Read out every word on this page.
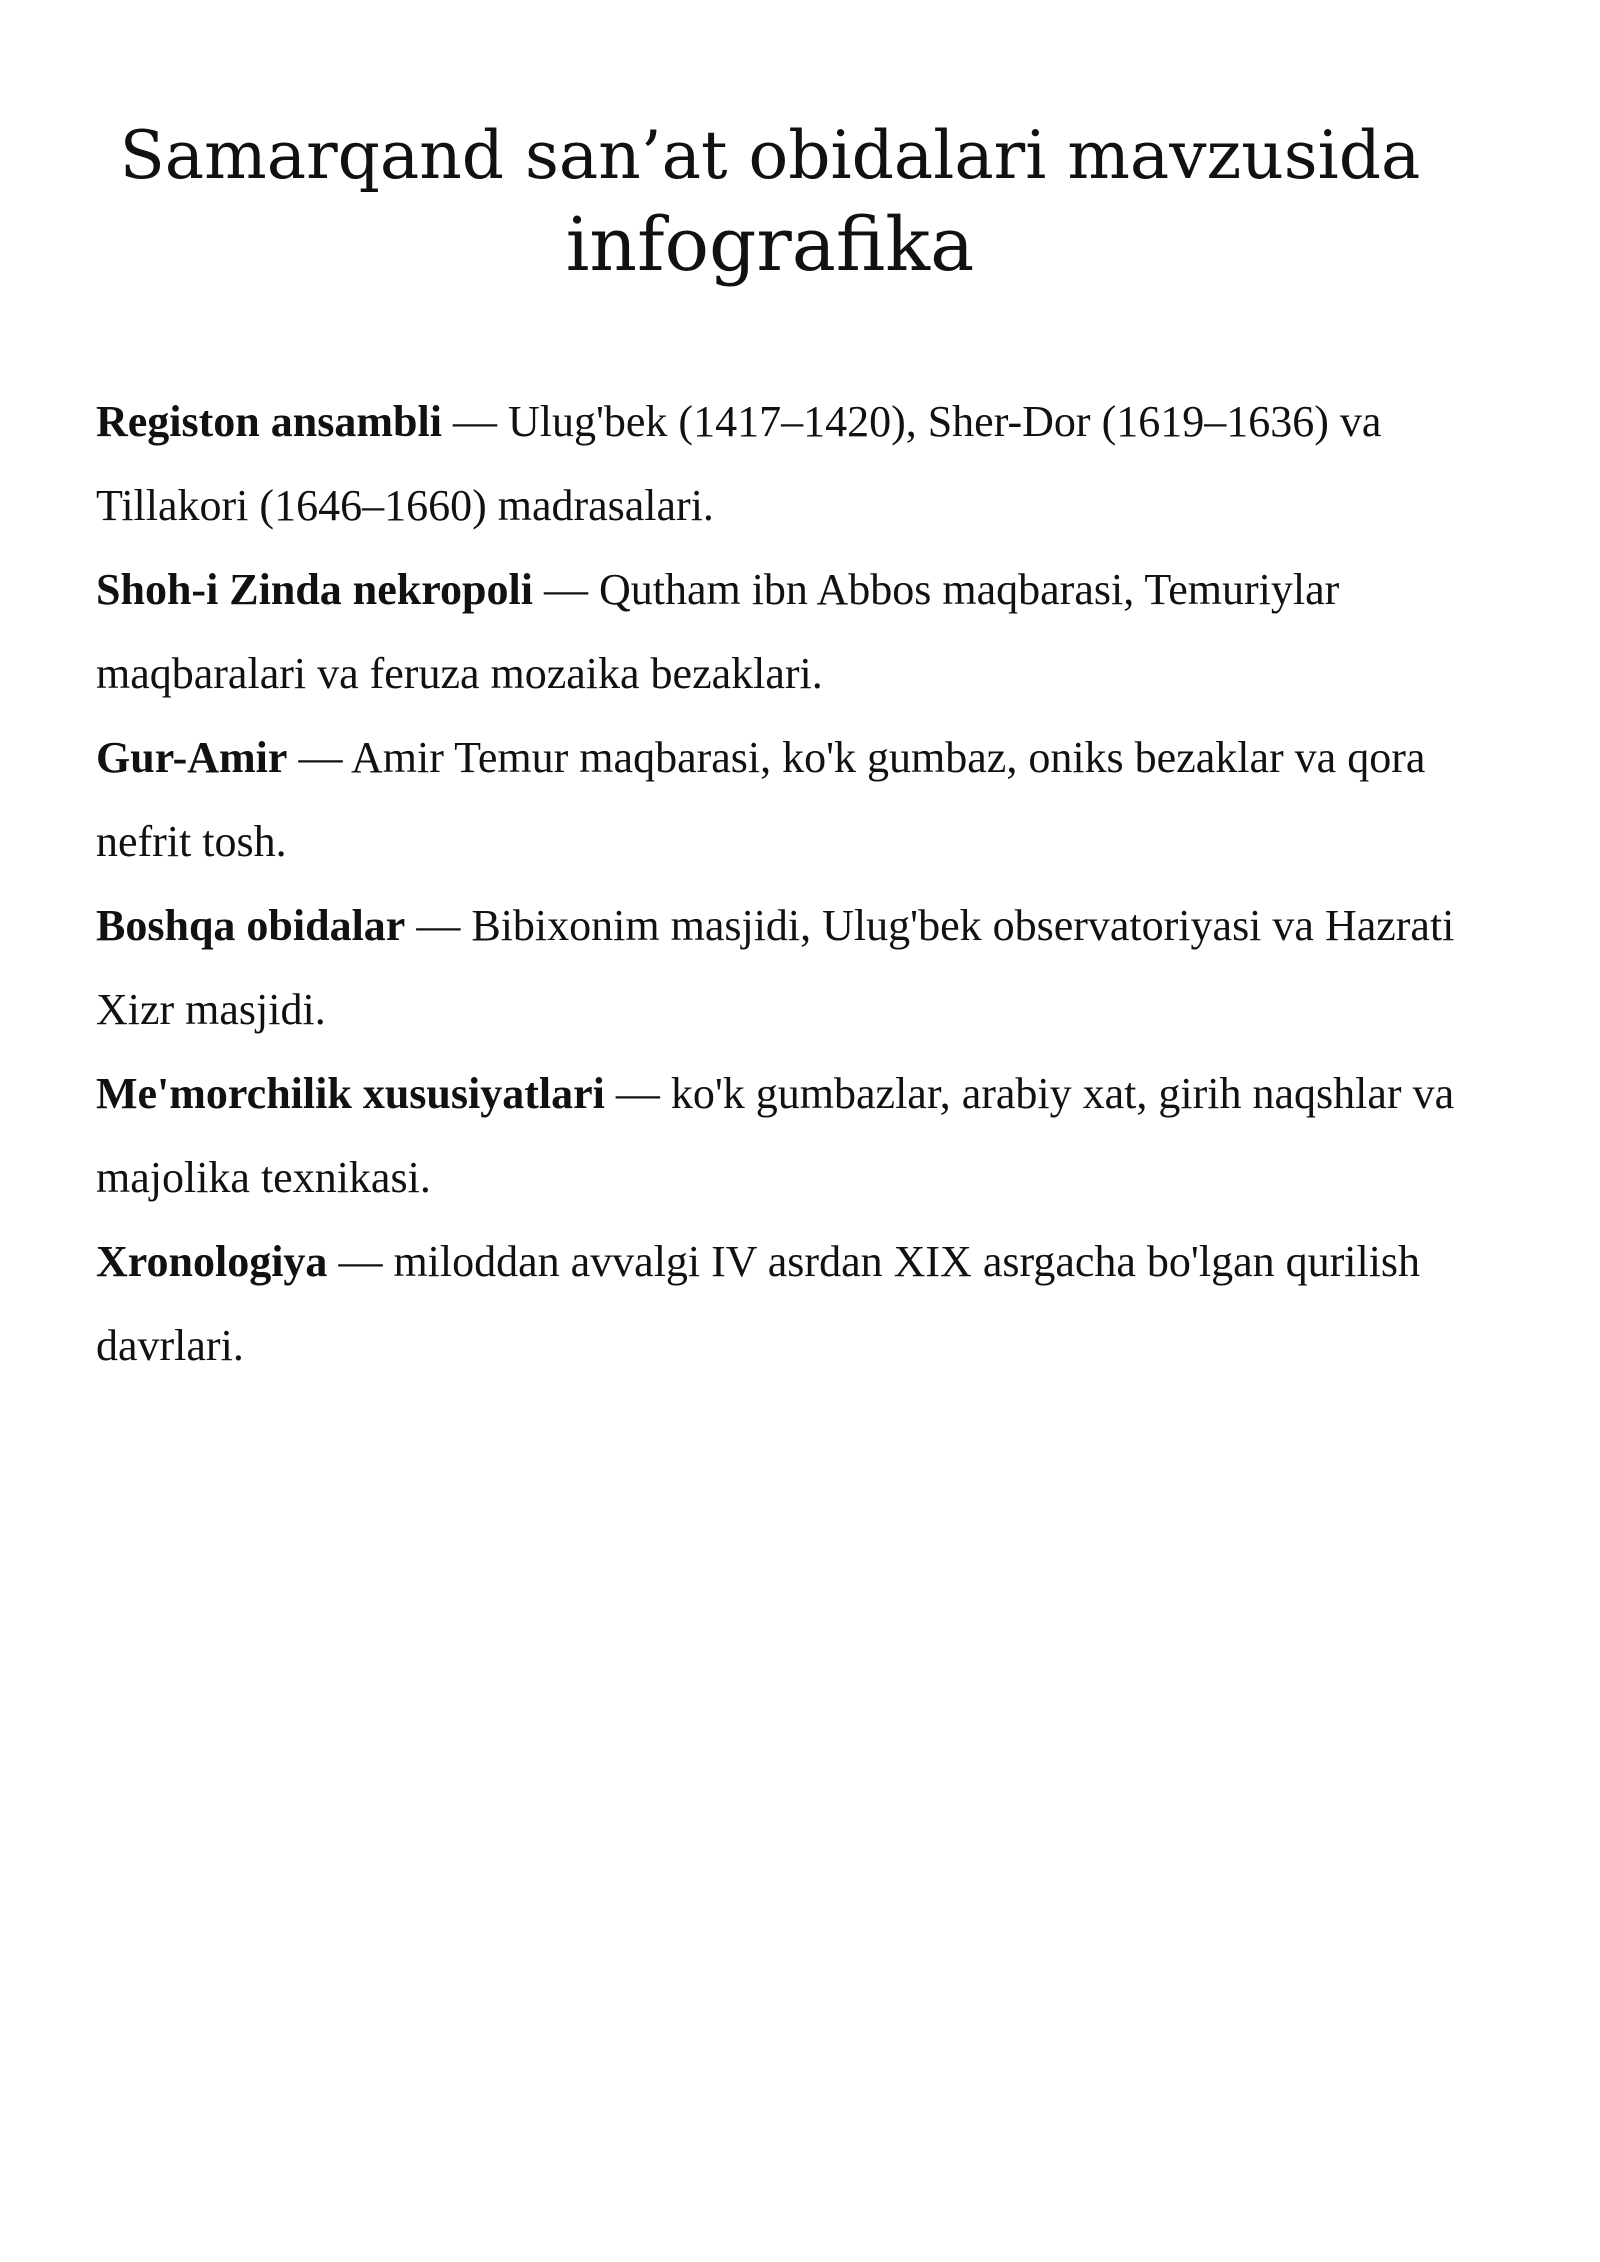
Samarqand san’at obidalari mavzusida
infografika

Registon ansambli — Ulug'bek (1417–1420), Sher-Dor (1619–1636) va Tillakori (1646–1660) madrasalari.

Shoh-i Zinda nekropoli — Qutham ibn Abbos maqbarasi, Temuriylar maqbaralari va feruza mozaika bezaklari.

Gur-Amir — Amir Temur maqbarasi, ko'k gumbaz, oniks bezaklar va qora nefrit tosh.

Boshqa obidalar — Bibixonim masjidi, Ulug'bek observatoriyasi va Hazrati Xizr masjidi.

Me'morchilik xususiyatlari — ko'k gumbazlar, arabiy xat, girih naqshlar va majolika texnikasi.

Xronologiya — miloddan avvalgi IV asrdan XIX asrgacha bo'lgan qurilish davrlari.
